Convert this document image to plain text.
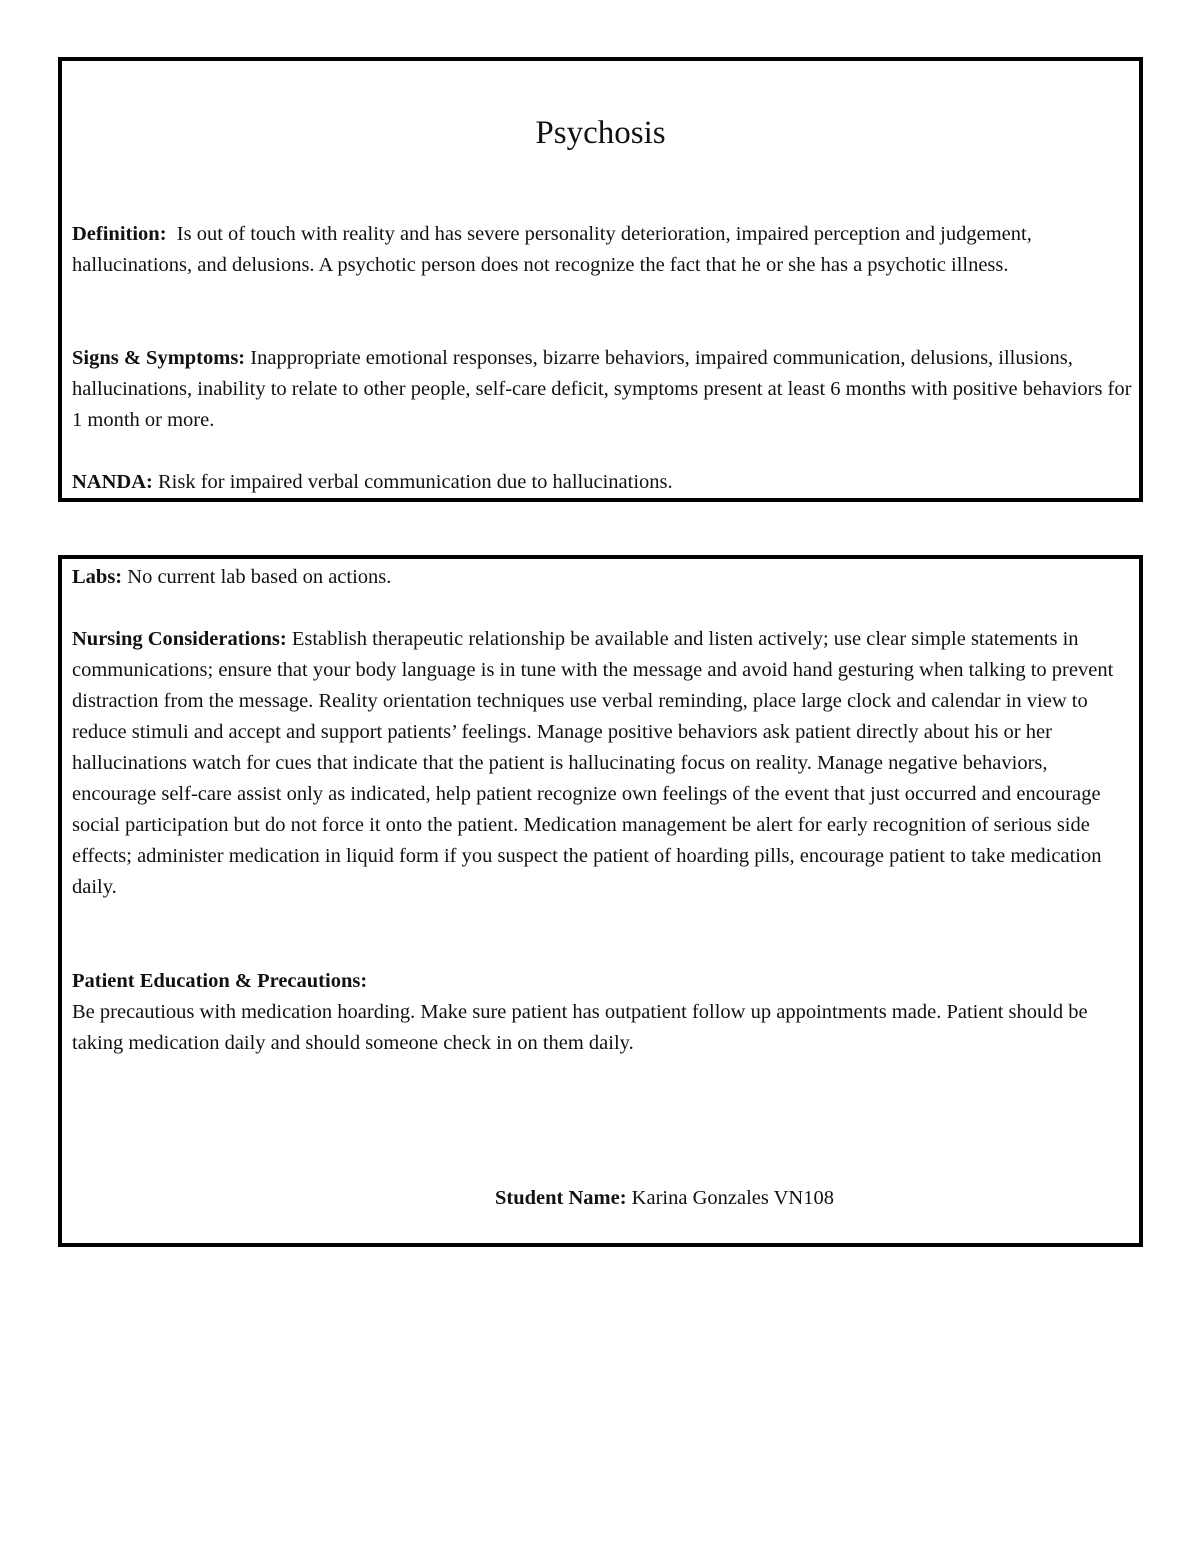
Psychosis

Definition: Is out of touch with reality and has severe personality deterioration, impaired perception and judgement, hallucinations, and delusions. A psychotic person does not recognize the fact that he or she has a psychotic illness.

Signs & Symptoms: Inappropriate emotional responses, bizarre behaviors, impaired communication, delusions, illusions, hallucinations, inability to relate to other people, self-care deficit, symptoms present at least 6 months with positive behaviors for 1 month or more.

NANDA: Risk for impaired verbal communication due to hallucinations.

Labs: No current lab based on actions.

Nursing Considerations: Establish therapeutic relationship be available and listen actively; use clear simple statements in communications; ensure that your body language is in tune with the message and avoid hand gesturing when talking to prevent distraction from the message. Reality orientation techniques use verbal reminding, place large clock and calendar in view to reduce stimuli and accept and support patients’ feelings. Manage positive behaviors ask patient directly about his or her hallucinations watch for cues that indicate that the patient is hallucinating focus on reality. Manage negative behaviors, encourage self-care assist only as indicated, help patient recognize own feelings of the event that just occurred and encourage social participation but do not force it onto the patient. Medication management be alert for early recognition of serious side effects; administer medication in liquid form if you suspect the patient of hoarding pills, encourage patient to take medication daily.

Patient Education & Precautions:
Be precautious with medication hoarding. Make sure patient has outpatient follow up appointments made. Patient should be taking medication daily and should someone check in on them daily.

Student Name: Karina Gonzales VN108
